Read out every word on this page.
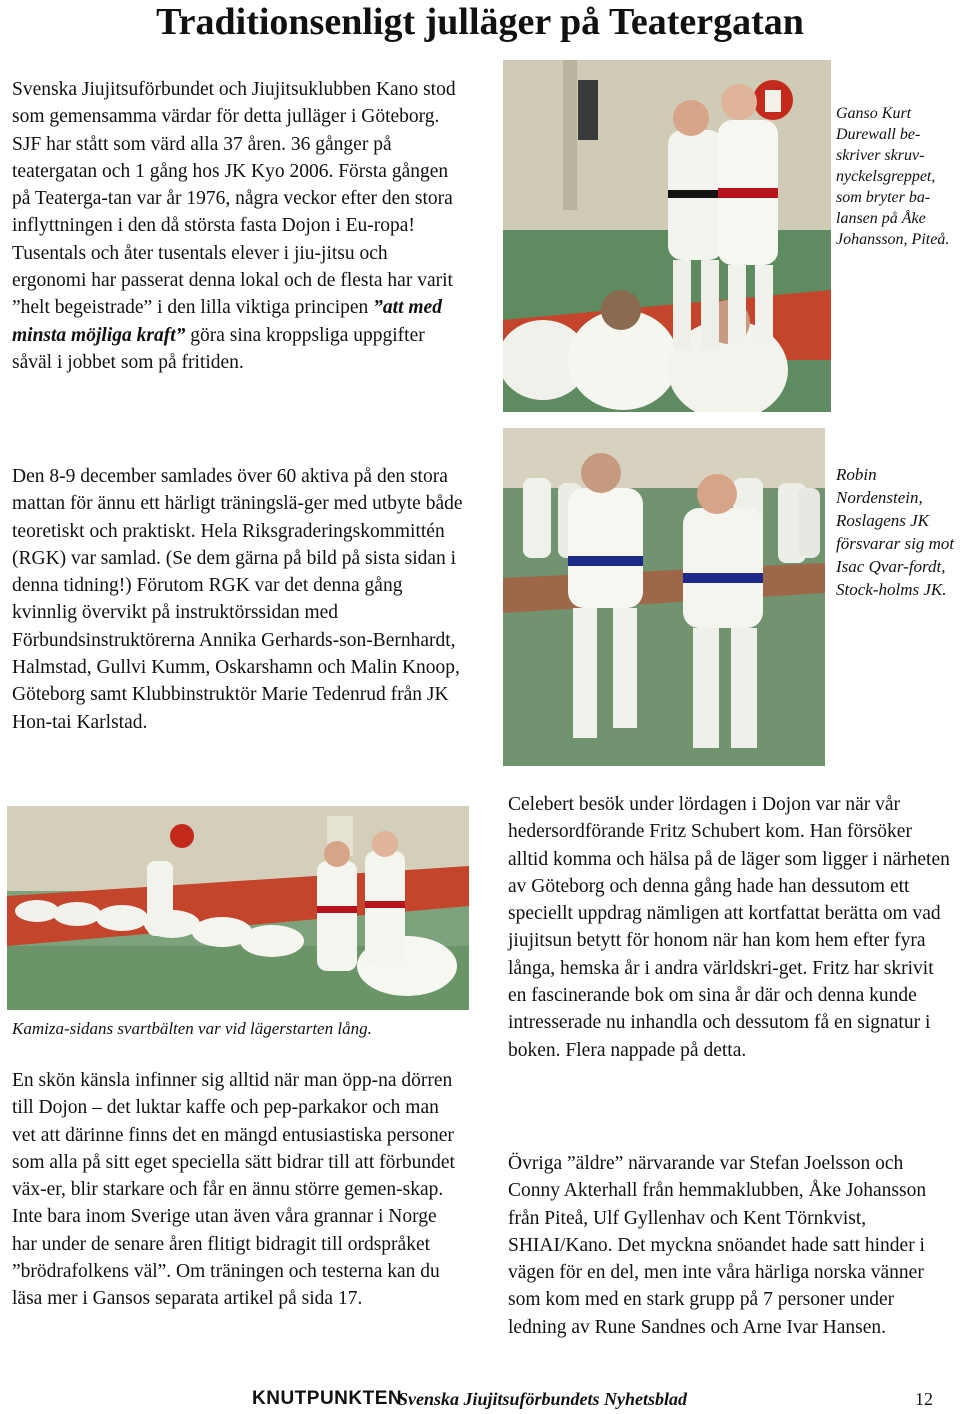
Traditionsenligt julläger på Teatergatan

Svenska Jiujitsuförbundet och Jiujitsuklubben Kano stod som gemensamma värdar för detta julläger i Göteborg. SJF har stått som värd alla 37 åren. 36 gånger på teatergatan och 1 gång hos JK Kyo 2006. Första gången på Teaterga-tan var år 1976, några veckor efter den stora inflyttningen i den då största fasta Dojon i Eu-ropa! Tusentals och åter tusentals elever i jiu-jitsu och ergonomi har passerat denna lokal och de flesta har varit ”helt begeistrade” i den lilla viktiga principen ”att med minsta möjliga kraft” göra sina kroppsliga uppgifter såväl i jobbet som på fritiden.

Den 8-9 december samlades över 60 aktiva på den stora mattan för ännu ett härligt träningslä-ger med utbyte både teoretiskt och praktiskt. Hela Riksgraderingskommittén (RGK) var samlad. (Se dem gärna på bild på sista sidan i denna tidning!) Förutom RGK var det denna gång kvinnlig övervikt på instruktörssidan med Förbundsinstruktörerna Annika Gerhards-son-Bernhardt, Halmstad, Gullvi Kumm, Oskarshamn och Malin Knoop, Göteborg samt Klubbinstruktör Marie Tedenrud från JK Hon-tai Karlstad.

En skön känsla infinner sig alltid när man öpp-na dörren till Dojon – det luktar kaffe och pep-parkakor och man vet att därinne finns det en mängd entusiastiska personer som alla på sitt eget speciella sätt bidrar till att förbundet väx-er, blir starkare och får en ännu större gemen-skap. Inte bara inom Sverige utan även våra grannar i Norge har under de senare åren flitigt bidragit till ordspråket ”brödrafolkens väl”. Om träningen och testerna kan du läsa mer i Gansos separata artikel på sida 17.

Celebert besök under lördagen i Dojon var när vår hedersordförande Fritz Schubert kom. Han försöker alltid komma och hälsa på de läger som ligger i närheten av Göteborg och denna gång hade han dessutom ett speciellt uppdrag nämligen att kortfattat berätta om vad jiujitsun betytt för honom när han kom hem efter fyra långa, hemska år i andra världskri-get. Fritz har skrivit en fascinerande bok om sina år där och denna kunde intresserade nu inhandla och dessutom få en signatur i boken. Flera nappade på detta.

Övriga ”äldre” närvarande var Stefan Joelsson och Conny Akterhall från hemmaklubben, Åke Johansson från Piteå, Ulf Gyllenhav och Kent Törnkvist, SHIAI/Kano. Det myckna snöandet hade satt hinder i vägen för en del, men inte våra härliga norska vänner som kom med en stark grupp på 7 personer under ledning av Rune Sandnes och Arne Ivar Hansen.

Ganso Kurt Durewall be-skriver skruv-nyckelsgreppet, som bryter ba-lansen på Åke Johansson, Piteå.
Robin Nordenstein, Roslagens JK försvarar sig mot Isac Qvar-fordt, Stock-holms JK.
Kamiza-sidans svartbälten var vid lägerstarten lång.
KNUTPUNKTEN
Svenska Jiujitsuförbundets Nyhetsblad	12
